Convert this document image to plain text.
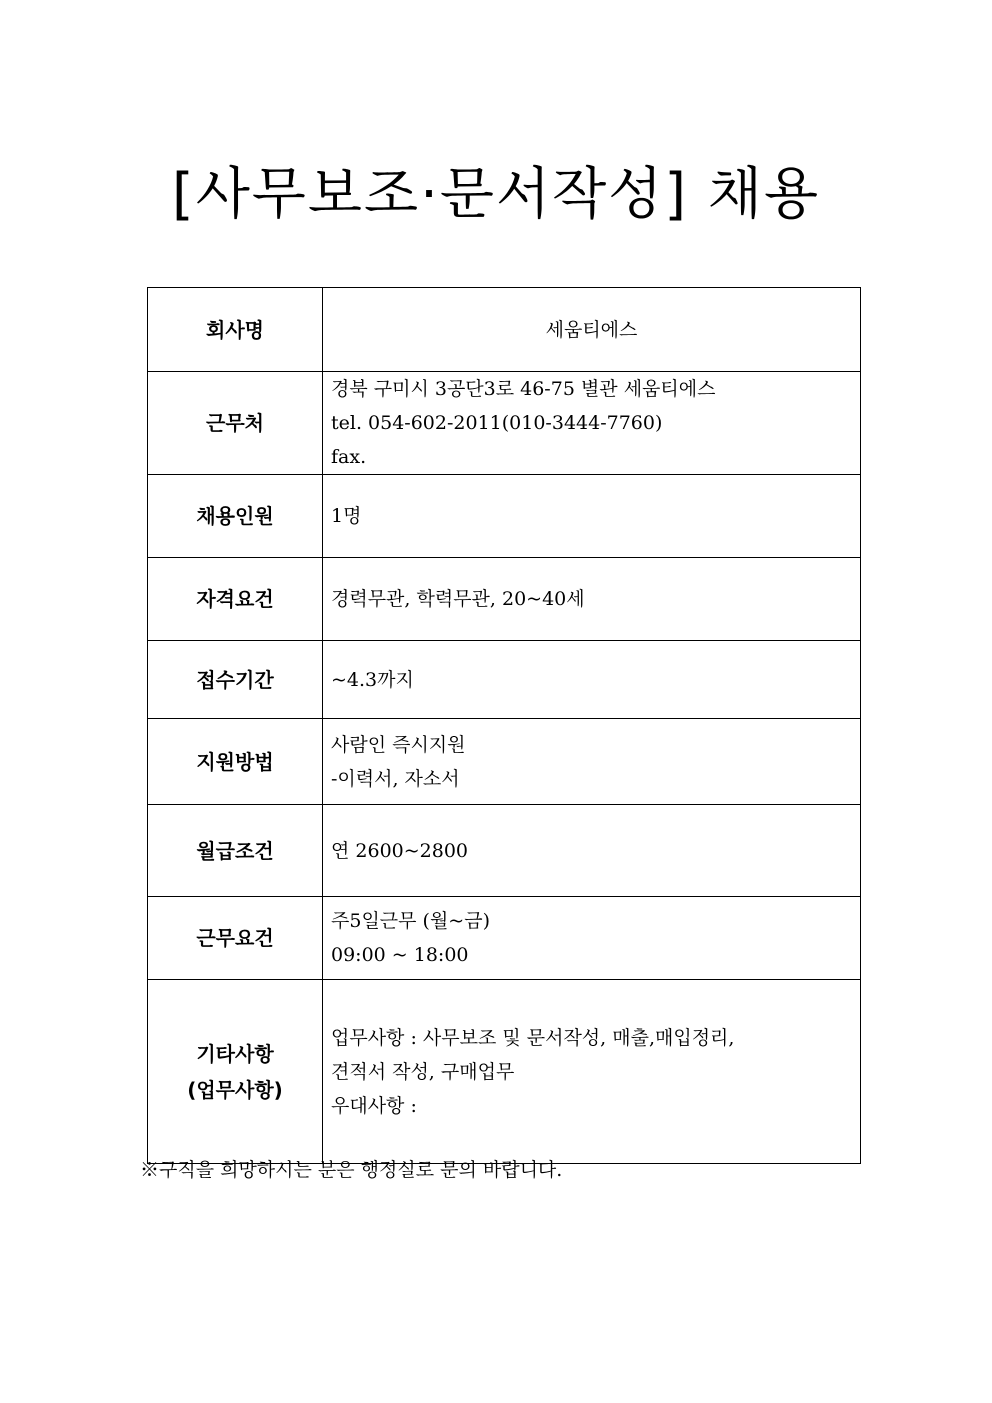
[사무보조·문서작성] 채용
회사명	세움티에스

근무처	경북 구미시 3공단3로 46-75 별관 세움티에스
tel. 054-602-2011(010-3444-7760)
fax.

채용인원	1명

자격요건	경력무관, 학력무관, 20~40세

접수기간	~4.3까지

지원방법	사람인 즉시지원
-이력서, 자소서

월급조건	연 2600~2800

근무요건	주5일근무 (월~금)
09:00 ~ 18:00

기타사항
(업무사항)	업무사항 : 사무보조 및 문서작성, 매출,매입정리,
견적서 작성, 구매업무
우대사항 :
※구직을 희망하시는 분은 행정실로 문의 바랍니다.
